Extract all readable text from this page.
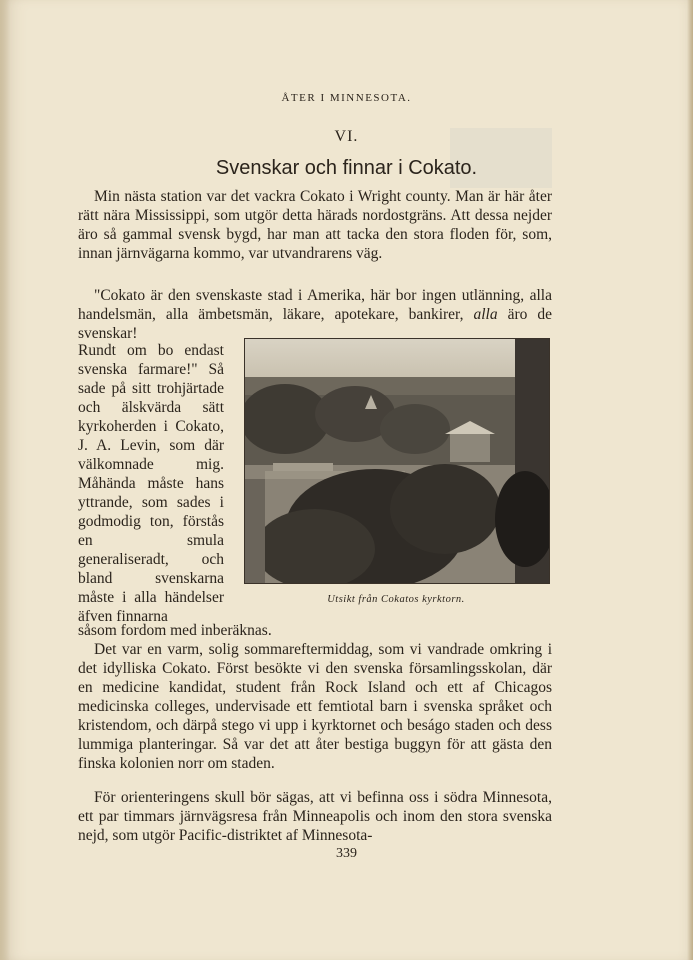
ÅTER I MINNESOTA.
VI.
Svenskar och finnar i Cokato.
Min nästa station var det vackra Cokato i Wright county. Man är här åter rätt nära Mississippi, som utgör detta härads nordostgräns. Att dessa nejder äro så gammal svensk bygd, har man att tacka den stora floden för, som, innan järnvägarna kommo, var utvandrarens väg.
"Cokato är den svenskaste stad i Amerika, här bor ingen utlänning, alla handelsmän, alla ämbetsmän, läkare, apotekare, bankirer, alla äro de svenskar!
Rundt om bo endast svenska farmare!" Så sade på sitt trohjärtade och älskvärda sätt kyrkoherden i Cokato, J. A. Levin, som där välkomnade mig. Måhända måste hans yttrande, som sades i godmodig ton, förstås en smula generaliseradt, och bland svenskarna måste i alla händelser äfven finnarna
Utsikt från Cokatos kyrktorn.
såsom fordom med inberäknas.
Det var en varm, solig sommareftermiddag, som vi vandrade omkring i det idylliska Cokato. Först besökte vi den svenska församlingsskolan, där en medicine kandidat, student från Rock Island och ett af Chicagos medicinska colleges, undervisade ett femtiotal barn i svenska språket och kristendom, och därpå stego vi upp i kyrktornet och beságo staden och dess lummiga planteringar. Så var det att åter bestiga buggyn för att gästa den finska kolonien norr om staden.
För orienteringens skull bör sägas, att vi befinna oss i södra Minnesota, ett par timmars järnvägsresa från Minneapolis och inom den stora svenska nejd, som utgör Pacific-distriktet af Minnesota-
339
